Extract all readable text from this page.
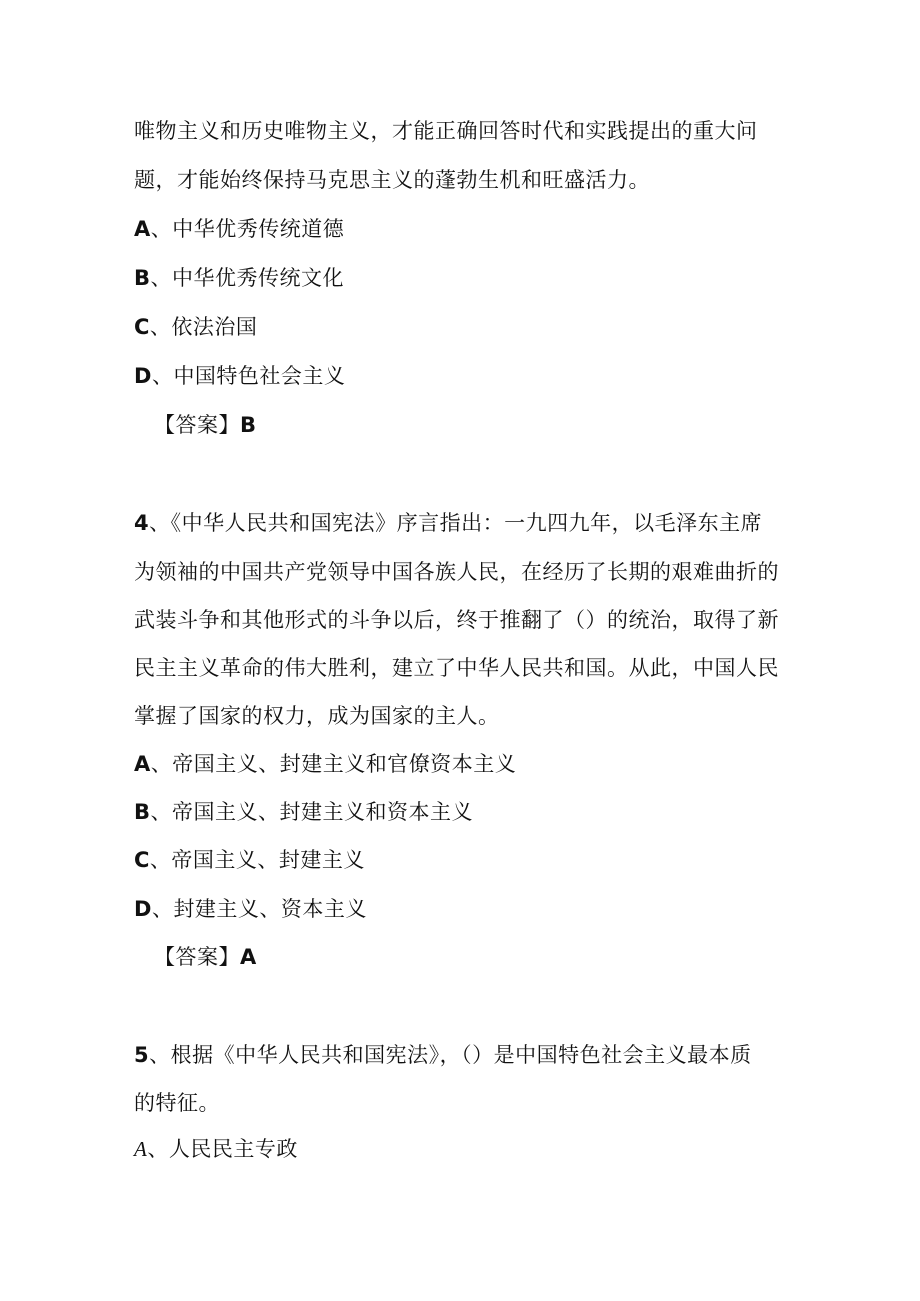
唯物主义和历史唯物主义，才能正确回答时代和实践提出的重大问
题，才能始终保持马克思主义的蓬勃生机和旺盛活力。
A、中华优秀传统道德
B、中华优秀传统文化
C、依法治国
D、中国特色社会主义
【答案】B
4、《中华人民共和国宪法》序言指出：一九四九年，以毛泽东主席
为领袖的中国共产党领导中国各族人民，在经历了长期的艰难曲折的
武装斗争和其他形式的斗争以后，终于推翻了（）的统治，取得了新
民主主义革命的伟大胜利，建立了中华人民共和国。从此，中国人民
掌握了国家的权力，成为国家的主人。
A、帝国主义、封建主义和官僚资本主义
B、帝国主义、封建主义和资本主义
C、帝国主义、封建主义
D、封建主义、资本主义
【答案】A
5、根据《中华人民共和国宪法》，（）是中国特色社会主义最本质
的特征。
A、人民民主专政
